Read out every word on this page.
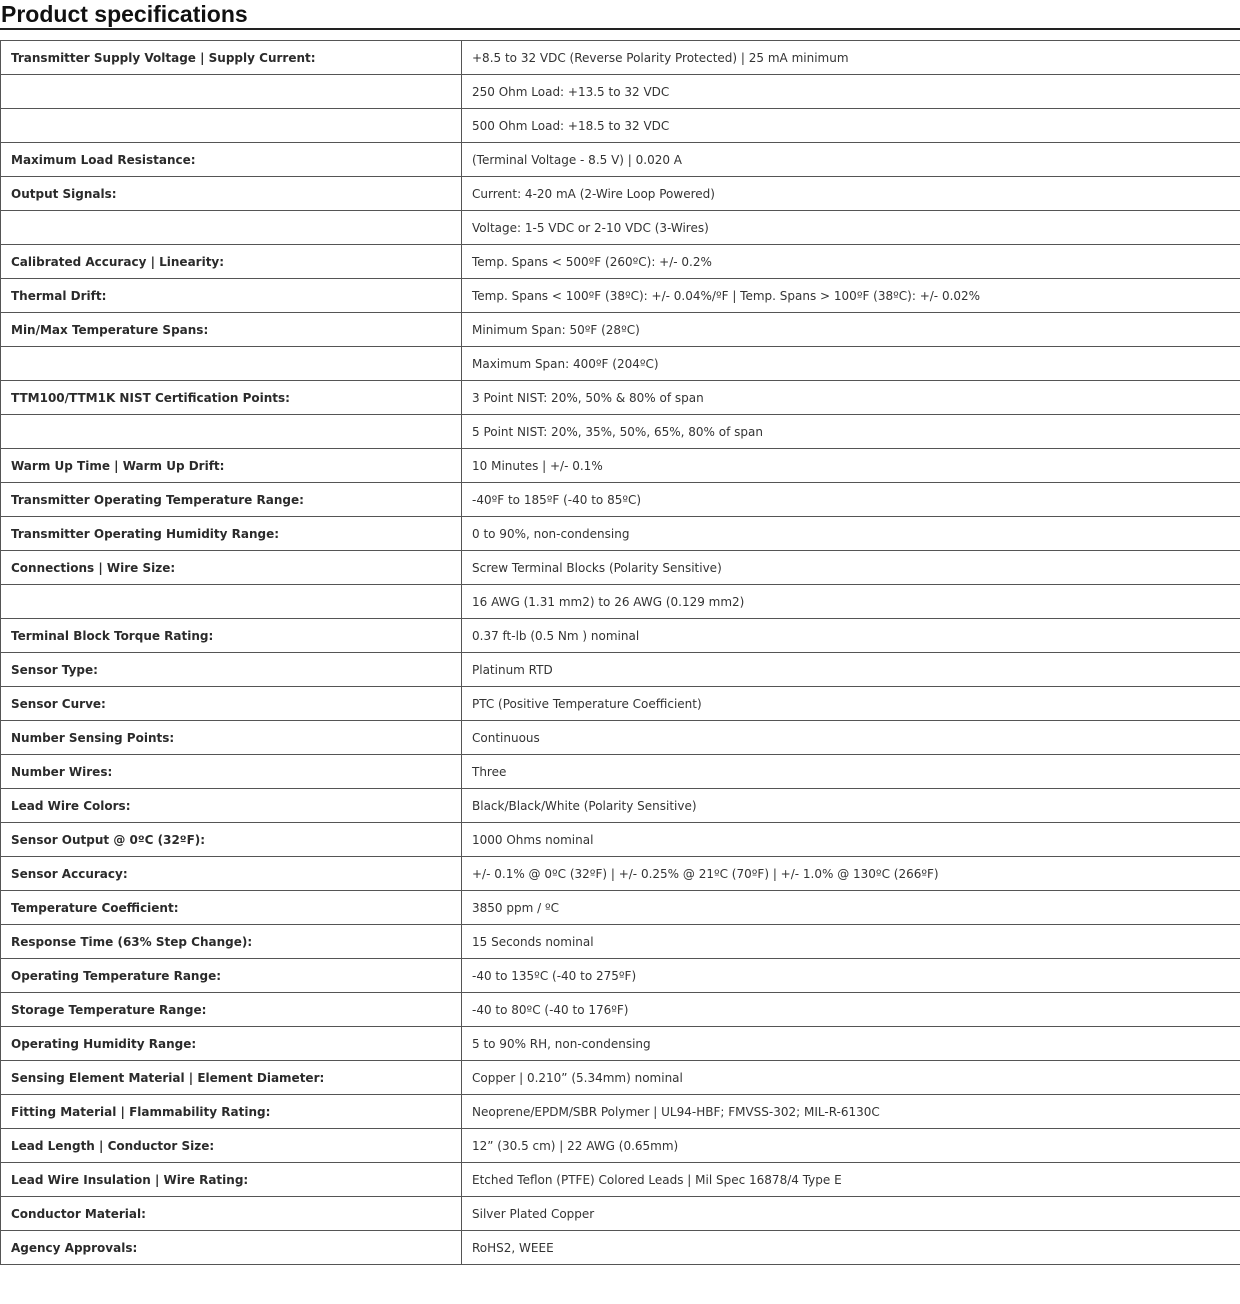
Product specifications
Transmitter Supply Voltage | Supply Current:	+8.5 to 32 VDC (Reverse Polarity Protected) | 25 mA minimum
	250 Ohm Load: +13.5 to 32 VDC
	500 Ohm Load: +18.5 to 32 VDC
Maximum Load Resistance:	(Terminal Voltage - 8.5 V) | 0.020 A
Output Signals:	Current: 4-20 mA (2-Wire Loop Powered)
	Voltage: 1-5 VDC or 2-10 VDC (3-Wires)
Calibrated Accuracy | Linearity:	Temp. Spans < 500ºF (260ºC): +/- 0.2%
Thermal Drift:	Temp. Spans < 100ºF (38ºC): +/- 0.04%/ºF | Temp. Spans > 100ºF (38ºC): +/- 0.02%
Min/Max Temperature Spans:	Minimum Span: 50ºF (28ºC)
	Maximum Span: 400ºF (204ºC)
TTM100/TTM1K NIST Certification Points:	3 Point NIST: 20%, 50% & 80% of span
	5 Point NIST: 20%, 35%, 50%, 65%, 80% of span
Warm Up Time | Warm Up Drift:	10 Minutes | +/- 0.1%
Transmitter Operating Temperature Range:	-40ºF to 185ºF (-40 to 85ºC)
Transmitter Operating Humidity Range:	0 to 90%, non-condensing
Connections | Wire Size:	Screw Terminal Blocks (Polarity Sensitive)
	16 AWG (1.31 mm2) to 26 AWG (0.129 mm2)
Terminal Block Torque Rating:	0.37 ft-lb (0.5 Nm ) nominal
Sensor Type:	Platinum RTD
Sensor Curve:	PTC (Positive Temperature Coefficient)
Number Sensing Points:	Continuous
Number Wires:	Three
Lead Wire Colors:	Black/Black/White (Polarity Sensitive)
Sensor Output @ 0ºC (32ºF):	1000 Ohms nominal
Sensor Accuracy:	+/- 0.1% @ 0ºC (32ºF) | +/- 0.25% @ 21ºC (70ºF) | +/- 1.0% @ 130ºC (266ºF)
Temperature Coefficient:	3850 ppm / ºC
Response Time (63% Step Change):	15 Seconds nominal
Operating Temperature Range:	-40 to 135ºC (-40 to 275ºF)
Storage Temperature Range:	-40 to 80ºC (-40 to 176ºF)
Operating Humidity Range:	5 to 90% RH, non-condensing
Sensing Element Material | Element Diameter:	Copper | 0.210” (5.34mm) nominal
Fitting Material | Flammability Rating:	Neoprene/EPDM/SBR Polymer | UL94-HBF; FMVSS-302; MIL-R-6130C
Lead Length | Conductor Size:	12” (30.5 cm) | 22 AWG (0.65mm)
Lead Wire Insulation | Wire Rating:	Etched Teflon (PTFE) Colored Leads | Mil Spec 16878/4 Type E
Conductor Material:	Silver Plated Copper
Agency Approvals:	RoHS2, WEEE
